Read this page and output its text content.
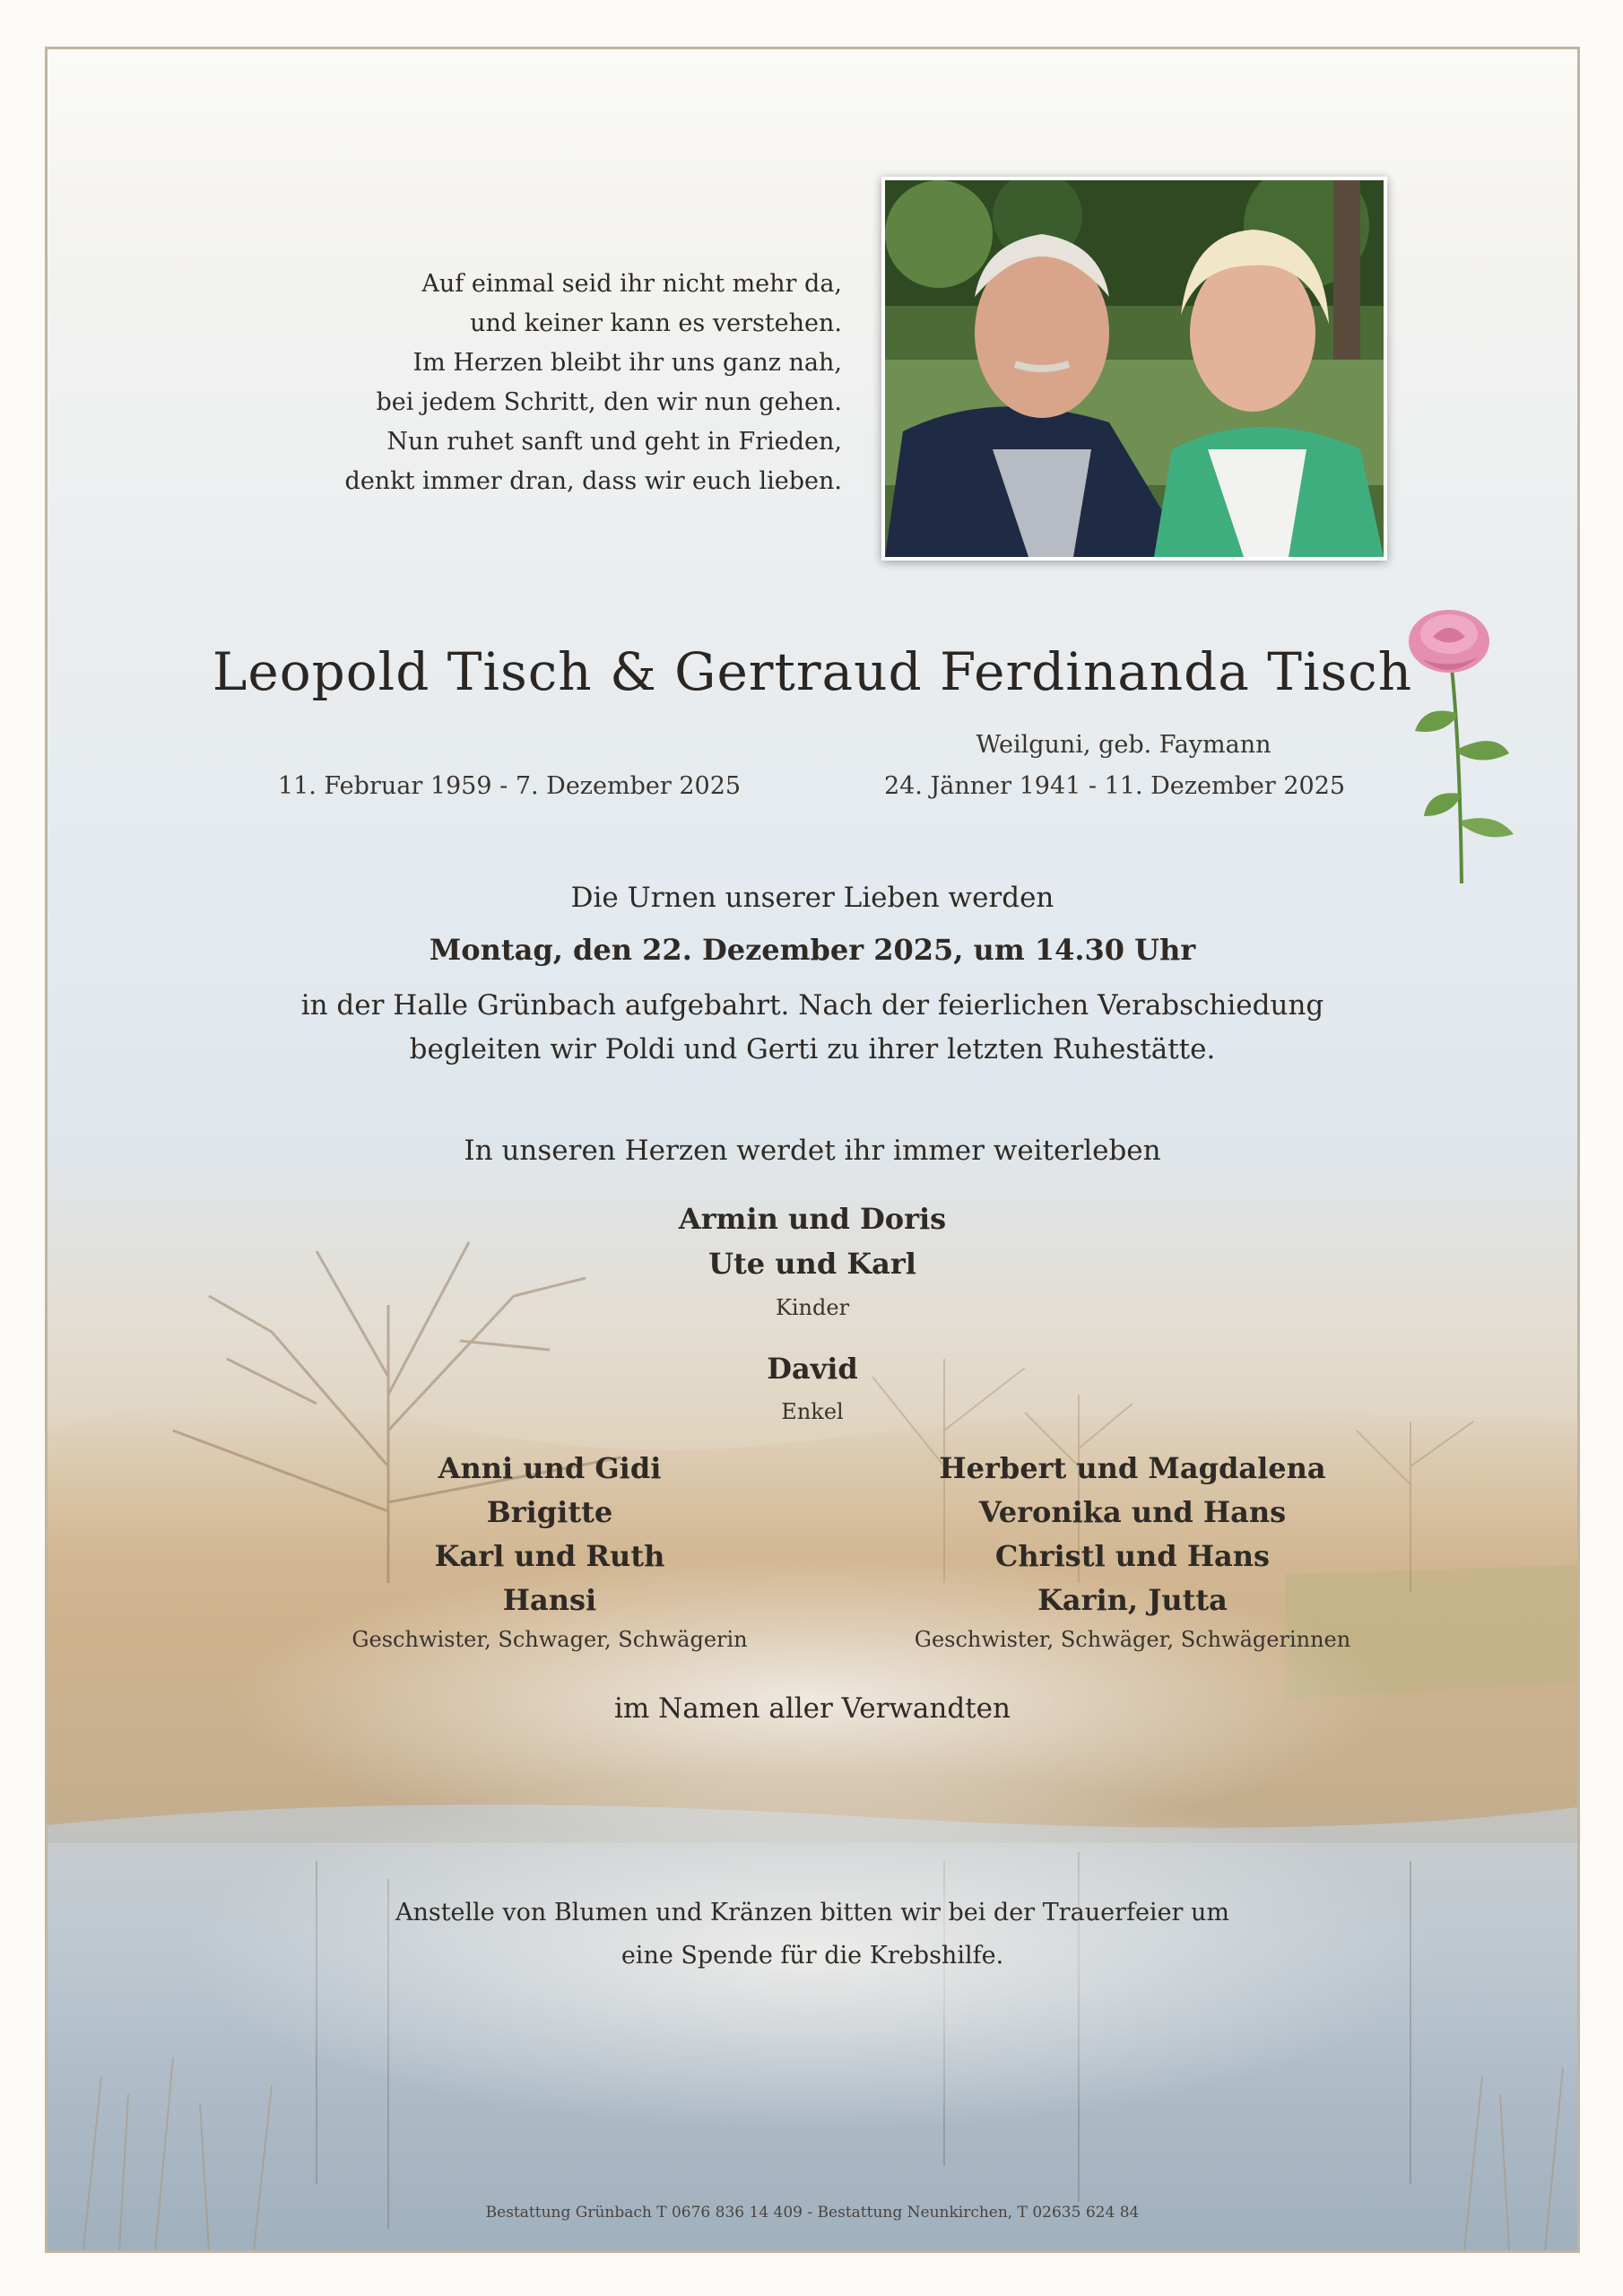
Auf einmal seid ihr nicht mehr da,
und keiner kann es verstehen.
Im Herzen bleibt ihr uns ganz nah,
bei jedem Schritt, den wir nun gehen.
Nun ruhet sanft und geht in Frieden,
denkt immer dran, dass wir euch lieben.
Leopold Tisch & Gertraud Ferdinanda Tisch
Weilguni, geb. Faymann
11. Februar 1959 - 7. Dezember 2025	24. Jänner 1941 - 11. Dezember 2025
Die Urnen unserer Lieben werden
Montag, den 22. Dezember 2025, um 14.30 Uhr
in der Halle Grünbach aufgebahrt. Nach der feierlichen Verabschiedung
begleiten wir Poldi und Gerti zu ihrer letzten Ruhestätte.
In unseren Herzen werdet ihr immer weiterleben
Armin und Doris
Ute und Karl
Kinder
David
Enkel
Anni und Gidi
Brigitte
Karl und Ruth
Hansi
Geschwister, Schwager, Schwägerin
Herbert und Magdalena
Veronika und Hans
Christl und Hans
Karin, Jutta
Geschwister, Schwäger, Schwägerinnen
im Namen aller Verwandten
Anstelle von Blumen und Kränzen bitten wir bei der Trauerfeier um
eine Spende für die Krebshilfe.
Bestattung Grünbach T 0676 836 14 409 - Bestattung Neunkirchen, T 02635 624 84
